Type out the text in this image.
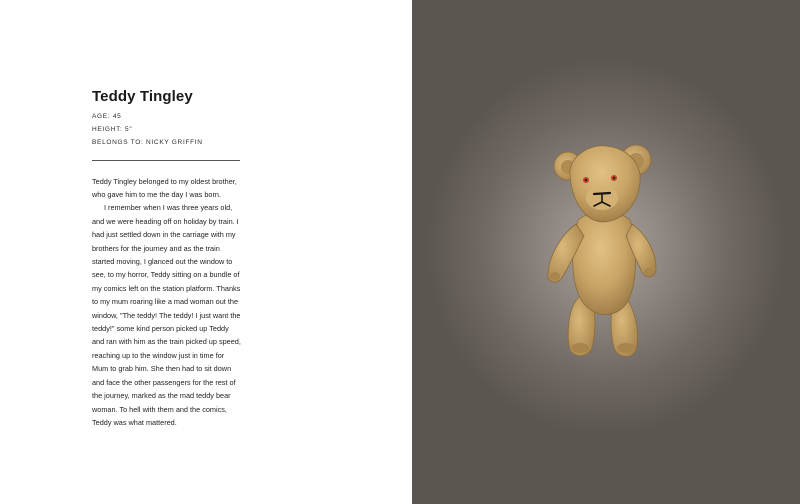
Teddy Tingley
AGE: 45
HEIGHT: 5"
BELONGS TO: NICKY GRIFFIN

Teddy Tingley belonged to my oldest brother, who gave him to me the day I was born.

I remember when I was three years old, and we were heading off on holiday by train. I had just settled down in the carriage with my brothers for the journey and as the train started moving, I glanced out the window to see, to my horror, Teddy sitting on a bundle of my comics left on the station platform. Thanks to my mum roaring like a mad woman out the window, "The teddy! The teddy! I just want the teddy!" some kind person picked up Teddy and ran with him as the train picked up speed, reaching up to the window just in time for Mum to grab him. She then had to sit down and face the other passengers for the rest of the journey, marked as the mad teddy bear woman. To hell with them and the comics, Teddy was what mattered.
